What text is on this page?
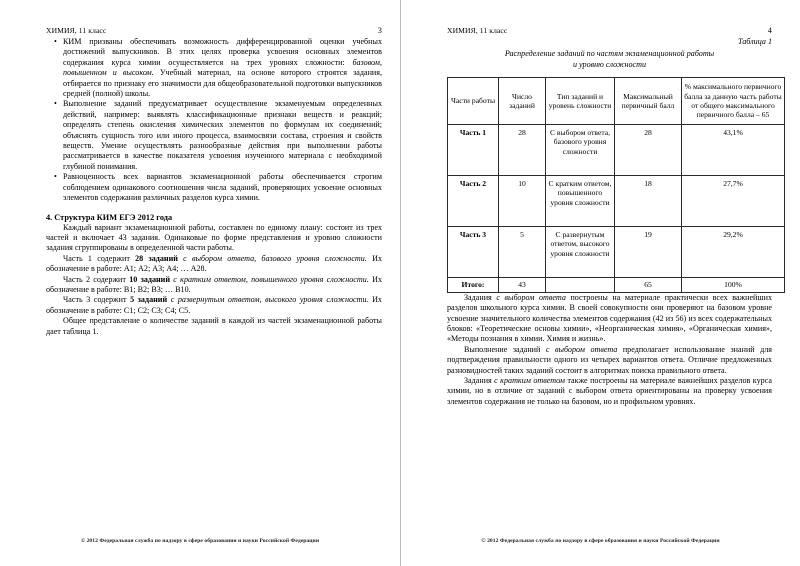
ХИМИЯ, 11 класс	3

• КИМ призваны обеспечивать возможность дифференцированной оценки учебных достижений выпускников. В этих целях проверка усвоения основных элементов содержания курса химии осуществляется на трех уровнях сложности: базовом, повышенном и высоком. Учебный материал, на основе которого строятся задания, отбирается по признаку его значимости для общеобразовательной подготовки выпускников средней (полной) школы.

• Выполнение заданий предусматривает осуществление экзаменуемым определенных действий, например: выявлять классификационные признаки веществ и реакций; определять степень окисления химических элементов по формулам их соединений; объяснять сущность того или иного процесса, взаимосвязи состава, строения и свойств веществ. Умение осуществлять разнообразные действия при выполнении работы рассматривается в качестве показателя усвоения изученного материала с необходимой глубиной понимания.

• Равноценность всех вариантов экзаменационной работы обеспечивается строгим соблюдением одинакового соотношения числа заданий, проверяющих усвоение основных элементов содержания различных разделов курса химии.

4. Структура КИМ ЕГЭ 2012 года

Каждый вариант экзаменационной работы, составлен по единому плану: состоит из трех частей и включает 43 задания. Одинаковые по форме представления и уровню сложности задания сгруппированы в определенной части работы.

Часть 1 содержит 28 заданий с выбором ответа, базового уровня сложности. Их обозначение в работе: А1; А2; А3; А4; … А28.

Часть 2 содержит 10 заданий с кратким ответом, повышенного уровня сложности. Их обозначение в работе: В1; В2; В3; … В10.

Часть 3 содержит 5 заданий с развернутым ответом, высокого уровня сложности. Их обозначение в работе: С1; С2; С3; С4; С5.

Общее представление о количестве заданий в каждой из частей экзаменационной работы дает таблица 1.

© 2012 Федеральная служба по надзору в сфере образования и науки Российской Федерации
ХИМИЯ, 11 класс	4
Таблица 1
Распределение заданий по частям экзаменационной работы
и уровню сложности
Части работы	Число заданий	Тип заданий и уровень сложности	Максимальный первичный балл	% максимального первичного балла за данную часть работы от общего максимального первичного балла – 65
Часть 1	28	С выбором ответа, базового уровня сложности	28	43,1%
Часть 2	10	С кратким ответом, повышенного уровня сложности	18	27,7%
Часть 3	5	С развернутым ответом, высокого уровня сложности	19	29,2%
Итого:	43		65	100%

Задания с выбором ответа построены на материале практически всех важнейших разделов школьного курса химии. В своей совокупности они проверяют на базовом уровне усвоение значительного количества элементов содержания (42 из 56) из всех содержательных блоков: «Теоретические основы химии», «Неорганическая химия», «Органическая химия», «Методы познания в химии. Химия и жизнь».

Выполнение заданий с выбором ответа предполагает использование знаний для подтверждения правильности одного из четырех вариантов ответа. Отличие предложенных разновидностей таких заданий состоит в алгоритмах поиска правильного ответа.

Задания с кратким ответом также построены на материале важнейших разделов курса химии, но в отличие от заданий с выбором ответа ориентированы на проверку усвоения элементов содержания не только на базовом, но и профильном уровнях.

© 2012 Федеральная служба по надзору в сфере образования и науки Российской Федерации
